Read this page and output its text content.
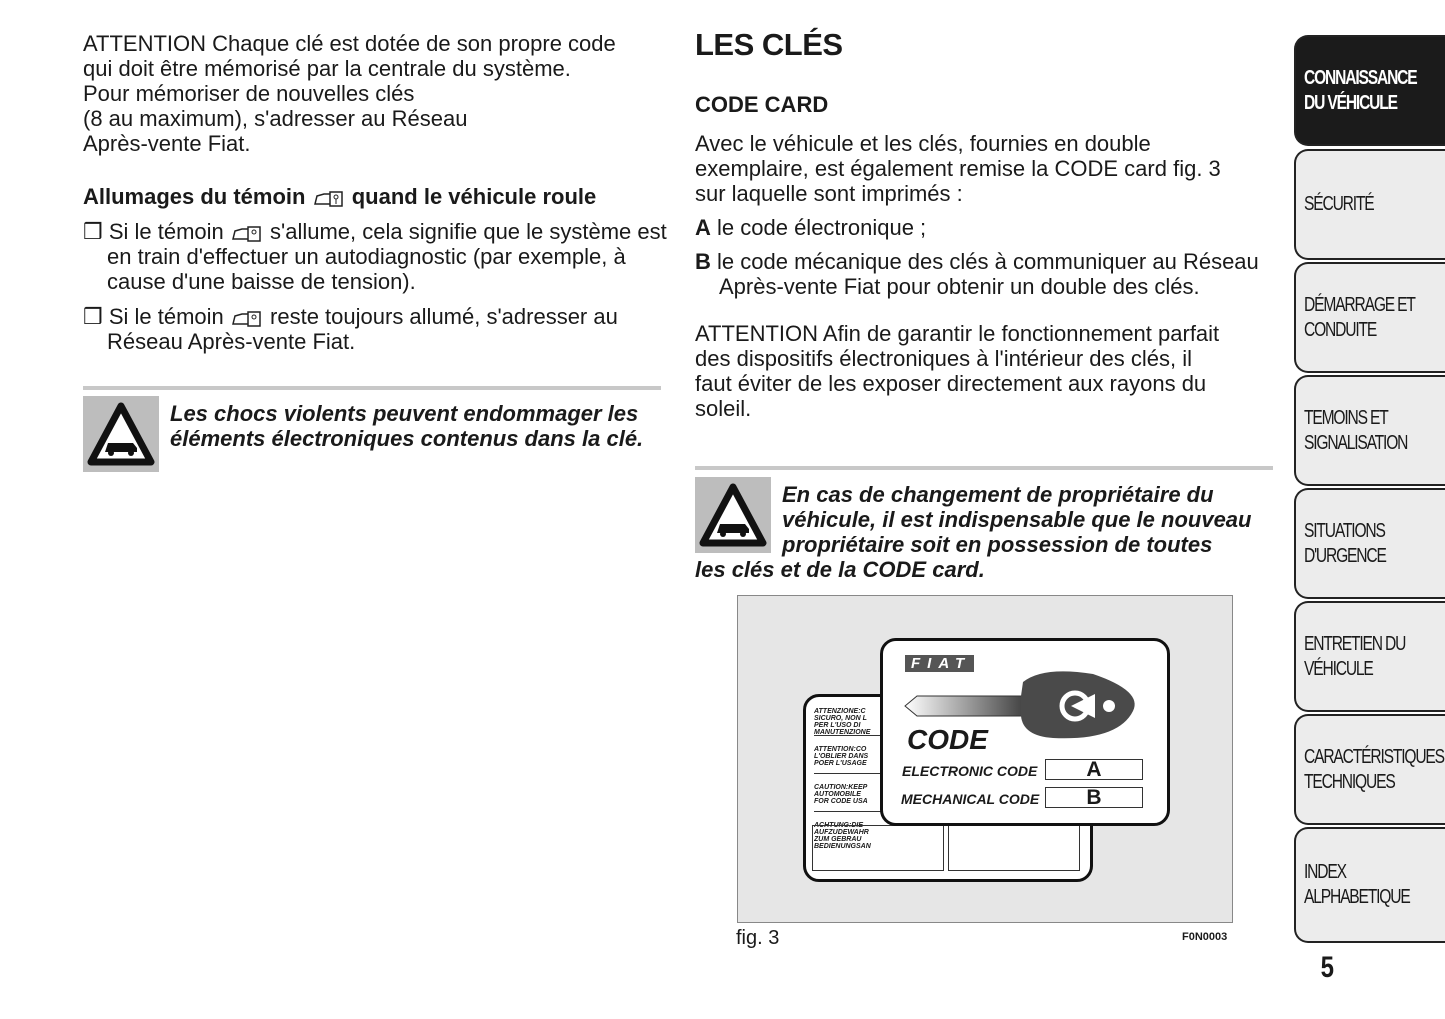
ATTENTION Chaque clé est dotée de son propre code
qui doit être mémorisé par la centrale du système.
Pour mémoriser de nouvelles clés
(8 au maximum), s'adresser au Réseau
Après-vente Fiat.
Allumages du témoin quand le véhicule roule
❒ Si le témoin s'allume, cela signifie que le système est en train d'effectuer un autodiagnostic (par exemple, à cause d'une baisse de tension).
❒ Si le témoin reste toujours allumé, s'adresser au Réseau Après-vente Fiat.
Les chocs violents peuvent endommager les
éléments électroniques contenus dans la clé.
LES CLÉS
CODE CARD
Avec le véhicule et les clés, fournies en double
exemplaire, est également remise la CODE card fig. 3
sur laquelle sont imprimés :
A le code électronique ;
B le code mécanique des clés à communiquer au Réseau Après-vente Fiat pour obtenir un double des clés.
ATTENTION Afin de garantir le fonctionnement parfait
des dispositifs électroniques à l'intérieur des clés, il
faut éviter de les exposer directement aux rayons du
soleil.
En cas de changement de propriétaire du
véhicule, il est indispensable que le nouveau
propriétaire soit en possession de toutes
les clés et de la CODE card.

ATTENZIONE:C
SICURO, NON L
PER L'USO DI
MANUTENZIONE

ATTENTION:CO
L'OBLIER DANS
POER L'USAGE

CAUTION:KEEP
AUTOMOBILE
FOR CODE USA

ACHTUNG:DIE
AUFZUDEWAHR
ZUM GEBRAU
BEDIENUNGSAN

FIAT
CODE
ELECTRONIC CODE	A
MECHANICAL CODE	B
fig. 3	F0N0003
CONNAISSANCE
DU VÉHICULE
SÉCURITÉ
DÉMARRAGE ET
CONDUITE
TEMOINS ET
SIGNALISATION
SITUATIONS
D'URGENCE
ENTRETIEN DU
VÉHICULE
CARACTÉRISTIQUES
TECHNIQUES
INDEX
ALPHABETIQUE
5
